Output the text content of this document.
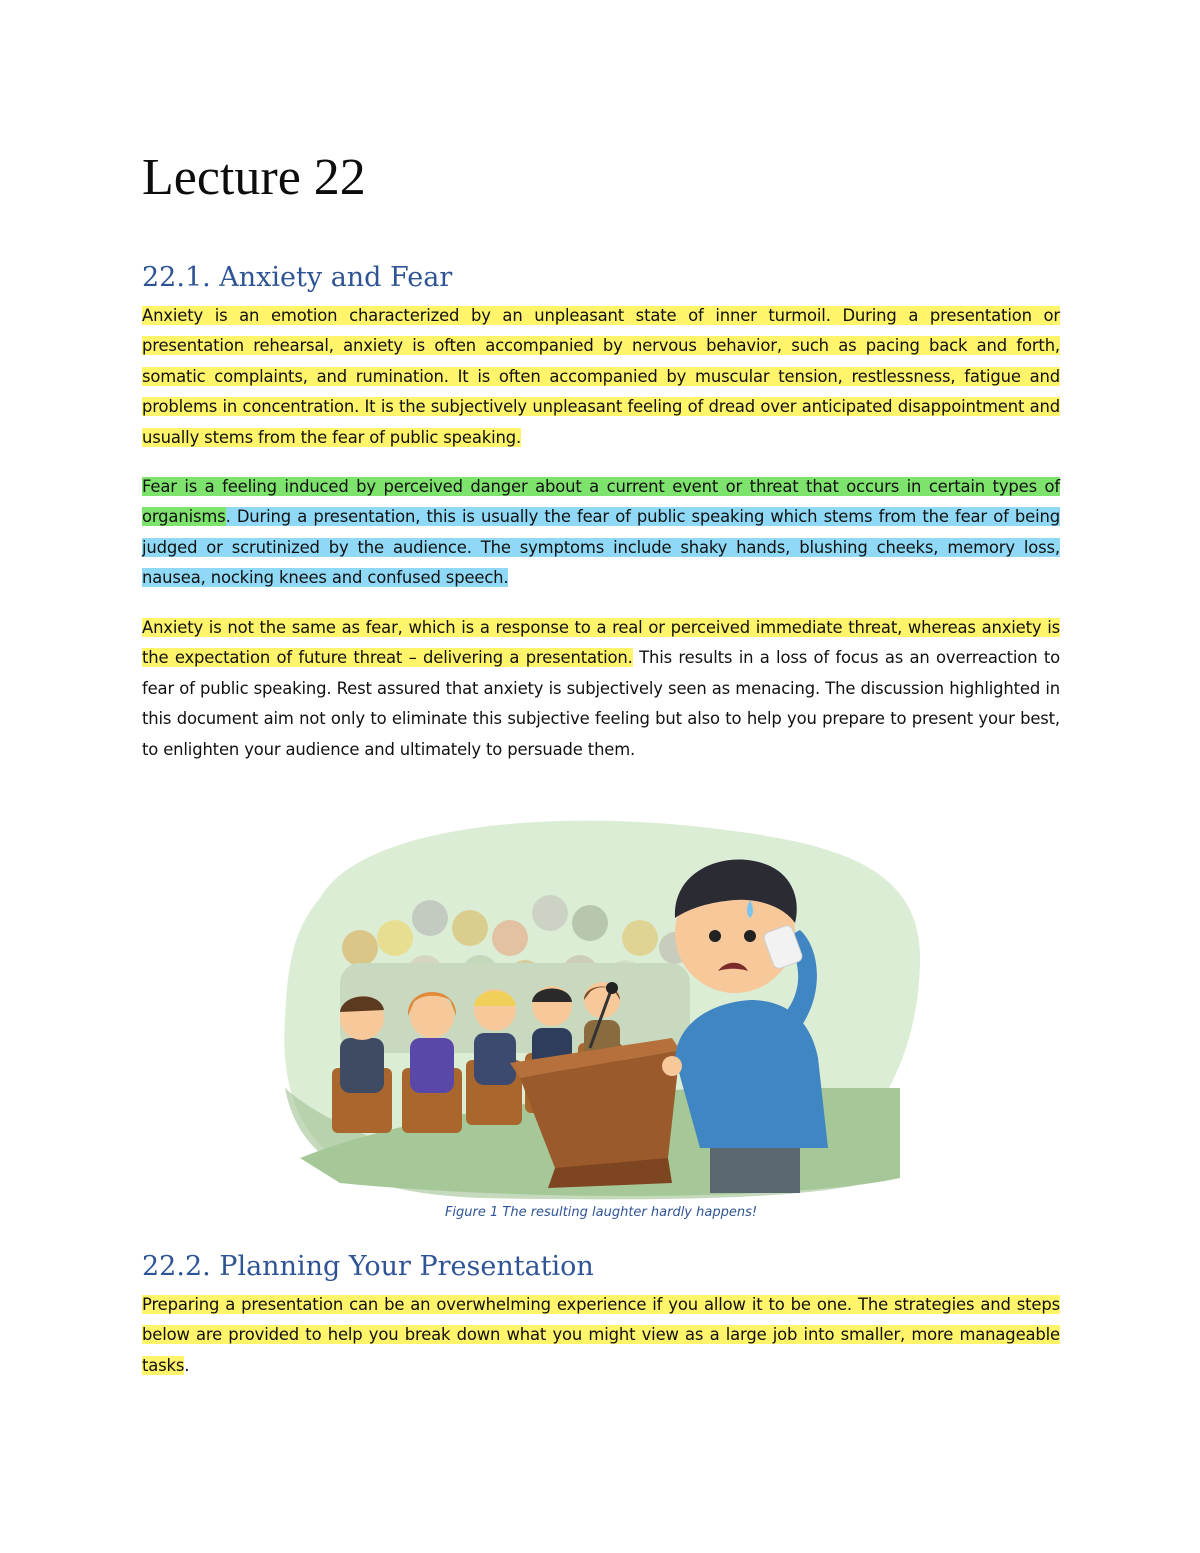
Lecture 22
22.1. Anxiety and Fear

Anxiety is an emotion characterized by an unpleasant state of inner turmoil. During a presentation or presentation rehearsal, anxiety is often accompanied by nervous behavior, such as pacing back and forth, somatic complaints, and rumination. It is often accompanied by muscular tension, restlessness, fatigue and problems in concentration. It is the subjectively unpleasant feeling of dread over anticipated disappointment and usually stems from the fear of public speaking.

Fear is a feeling induced by perceived danger about a current event or threat that occurs in certain types of organisms. During a presentation, this is usually the fear of public speaking which stems from the fear of being judged or scrutinized by the audience. The symptoms include shaky hands, blushing cheeks, memory loss, nausea, nocking knees and confused speech.

Anxiety is not the same as fear, which is a response to a real or perceived immediate threat, whereas anxiety is the expectation of future threat – delivering a presentation. This results in a loss of focus as an overreaction to fear of public speaking. Rest assured that anxiety is subjectively seen as menacing. The discussion highlighted in this document aim not only to eliminate this subjective feeling but also to help you prepare to present your best, to enlighten your audience and ultimately to persuade them.

Figure 1 The resulting laughter hardly happens!
22.2. Planning Your Presentation

Preparing a presentation can be an overwhelming experience if you allow it to be one. The strategies and steps below are provided to help you break down what you might view as a large job into smaller, more manageable tasks.
